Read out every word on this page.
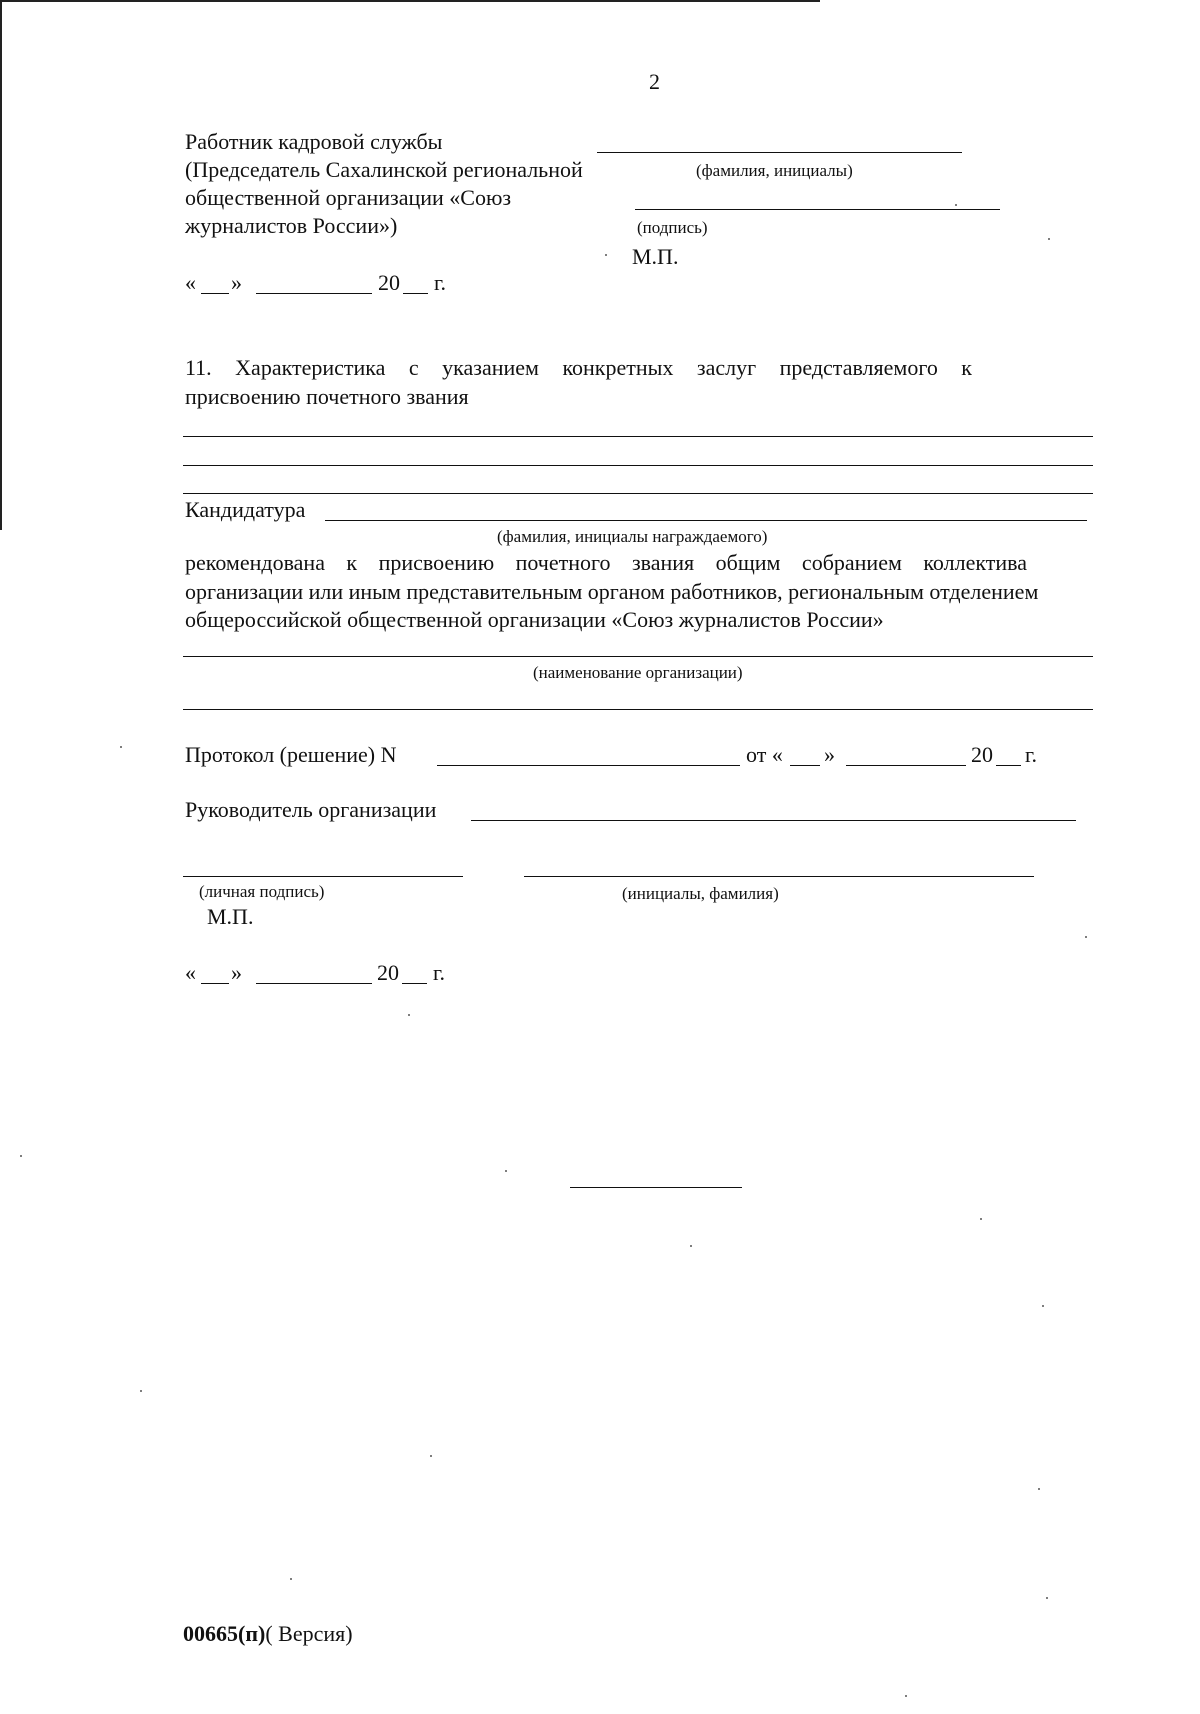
2
Работник кадровой службы
(Председатель Сахалинской региональной
общественной организации «Союз
журналистов России»)
(фамилия, инициалы)
(подпись)
М.П.
« »	20 г.
11. Характеристика с указанием конкретных заслуг представляемого к
присвоению почетного звания
Кандидатура
(фамилия, инициалы награждаемого)
рекомендована к присвоению почетного звания общим собранием коллектива
организации или иным представительным органом работников, региональным отделением
общероссийской общественной организации «Союз журналистов России»
(наименование организации)
Протокол (решение) N	от « »	20 г.
Руководитель организации
(личная подпись)	(инициалы, фамилия)
М.П.
« »	20 г.
00665(п)( Версия)
